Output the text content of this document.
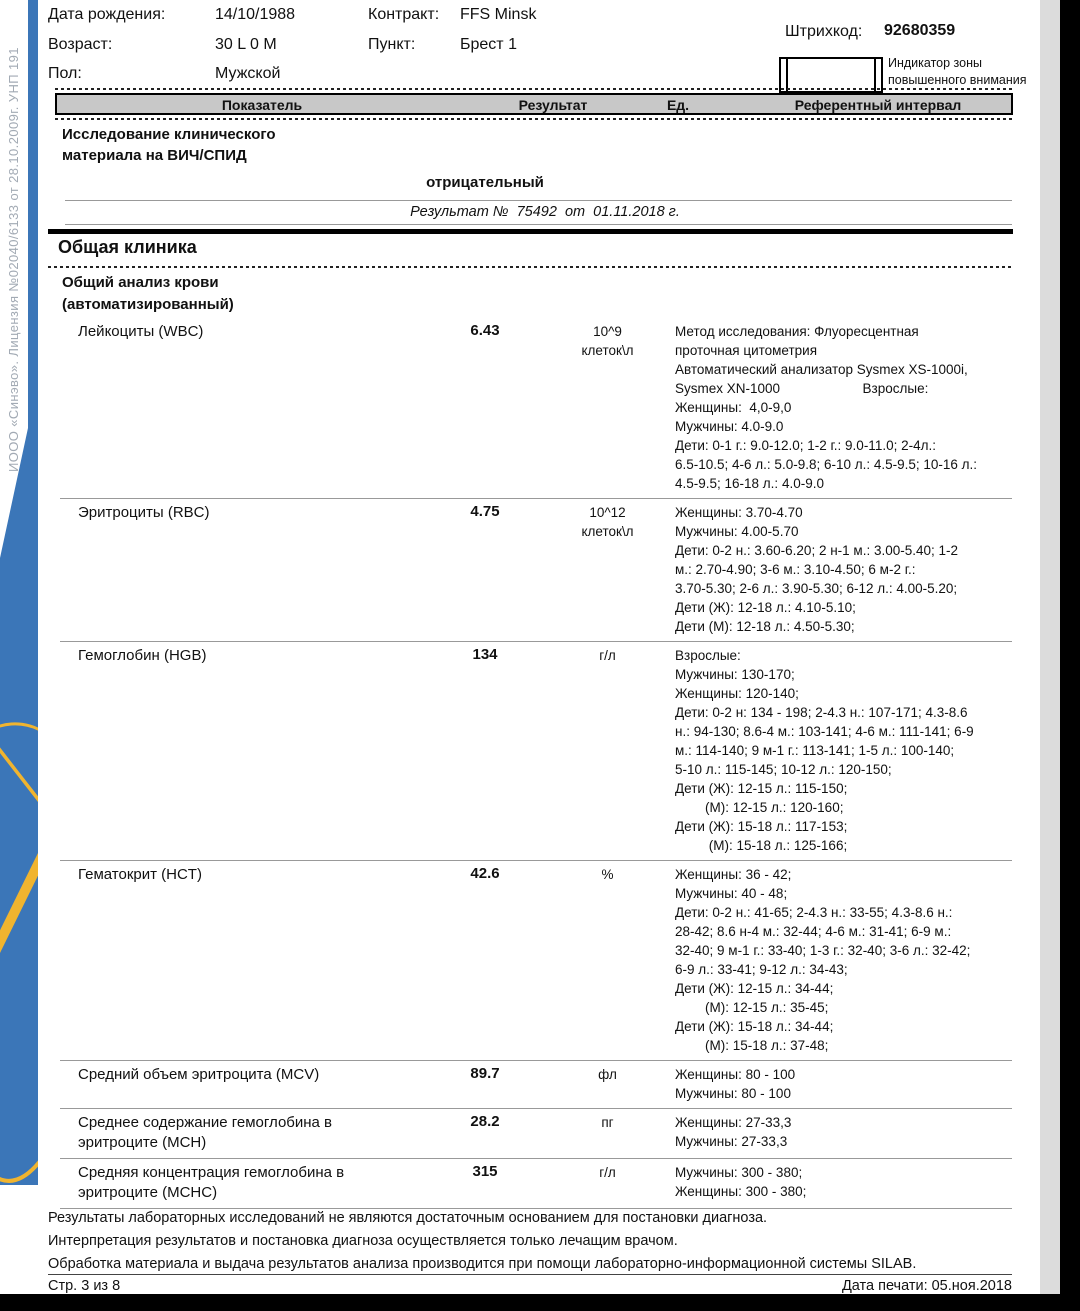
ИООО «Синэво». Лицензия №02040/6133 от 28.10.2009г. УНП 191
Дата рождения:	14/10/1988
Возраст:	30 L 0 M
Пол:	Мужской
Контракт: FFS Minsk
Пункт:	Брест 1
Штрихкод: 92680359
Индикатор зоны
повышенного внимания
Показатель	Результат	Ед.	Референтный интервал
Исследование клинического
материала на ВИЧ/СПИД
отрицательный
Результат №  75492  от  01.11.2018 г.
Общая клиника
Общий анализ крови
(автоматизированный)
Лейкоциты (WBC)	6.43	10^9
клеток\л
Метод исследования: Флуоресцентная
проточная цитометрия
Автоматический анализатор Sysmex XS-1000i,
Sysmex XN-1000                      Взрослые:
Женщины:  4,0-9,0
Мужчины: 4.0-9.0
Дети: 0-1 г.: 9.0-12.0; 1-2 г.: 9.0-11.0; 2-4л.:
6.5-10.5; 4-6 л.: 5.0-9.8; 6-10 л.: 4.5-9.5; 10-16 л.:
4.5-9.5; 16-18 л.: 4.0-9.0
Эритроциты (RBC)	4.75	10^12
клеток\л
Женщины: 3.70-4.70
Мужчины: 4.00-5.70
Дети: 0-2 н.: 3.60-6.20; 2 н-1 м.: 3.00-5.40; 1-2
м.: 2.70-4.90; 3-6 м.: 3.10-4.50; 6 м-2 г.:
3.70-5.30; 2-6 л.: 3.90-5.30; 6-12 л.: 4.00-5.20;
Дети (Ж): 12-18 л.: 4.10-5.10;
Дети (М): 12-18 л.: 4.50-5.30;
Гемоглобин (HGB)	134	г/л	Взрослые:
Мужчины: 130-170;
Женщины: 120-140;
Дети: 0-2 н: 134 - 198; 2-4.3 н.: 107-171; 4.3-8.6
н.: 94-130; 8.6-4 м.: 103-141; 4-6 м.: 111-141; 6-9
м.: 114-140; 9 м-1 г.: 113-141; 1-5 л.: 100-140;
5-10 л.: 115-145; 10-12 л.: 120-150;
Дети (Ж): 12-15 л.: 115-150;
(М): 12-15 л.: 120-160;
Дети (Ж): 15-18 л.: 117-153;
(М): 15-18 л.: 125-166;
Гематокрит (HCT)	42.6	%	Женщины: 36 - 42;
Мужчины: 40 - 48;
Дети: 0-2 н.: 41-65; 2-4.3 н.: 33-55; 4.3-8.6 н.:
28-42; 8.6 н-4 м.: 32-44; 4-6 м.: 31-41; 6-9 м.:
32-40; 9 м-1 г.: 33-40; 1-3 г.: 32-40; 3-6 л.: 32-42;
6-9 л.: 33-41; 9-12 л.: 34-43;
Дети (Ж): 12-15 л.: 34-44;
(М): 12-15 л.: 35-45;
Дети (Ж): 15-18 л.: 34-44;
(М): 15-18 л.: 37-48;
Средний объем эритроцита (MCV)	89.7	фл	Женщины: 80 - 100
Мужчины: 80 - 100
Среднее содержание гемоглобина в
эритроците (MCH)
28.2	пг	Женщины: 27-33,3
Мужчины: 27-33,3
Средняя концентрация гемоглобина в
эритроците (MCHC)
315	г/л	Мужчины: 300 - 380;
Женщины: 300 - 380;
Результаты лабораторных исследований не являются достаточным основанием для постановки диагноза.
Интерпретация результатов и постановка диагноза осуществляется только лечащим врачом.
Обработка материала и выдача результатов анализа производится при помощи лабораторно-информационной системы SILAB.
Стр. 3 из 8	Дата печати: 05.ноя.2018
